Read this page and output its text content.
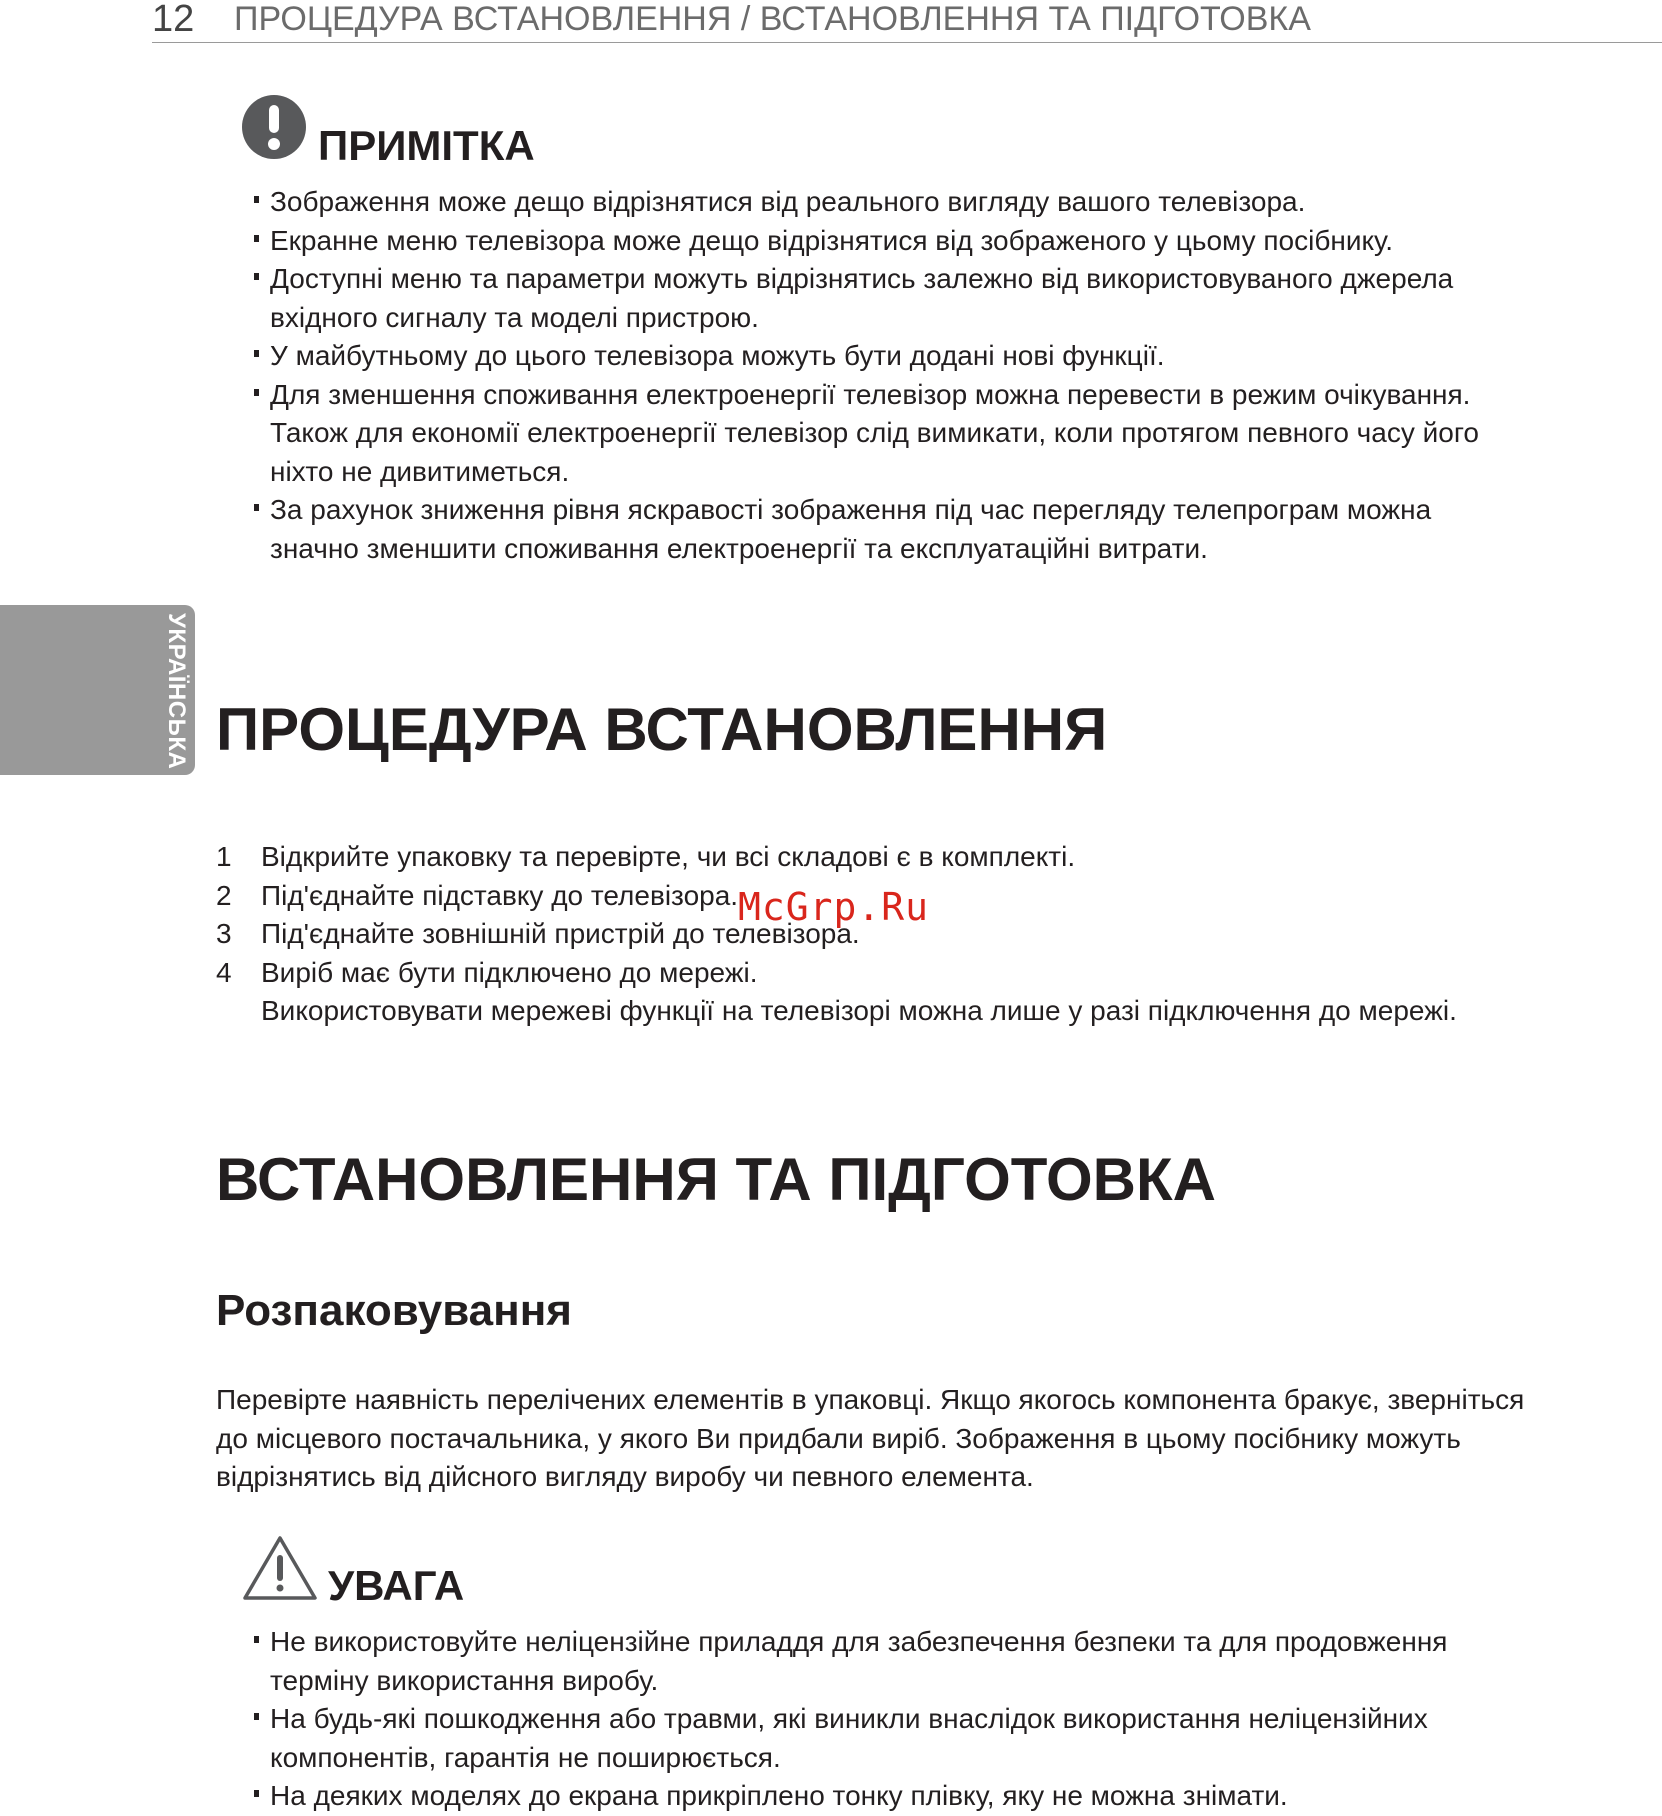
12 ПРОЦЕДУРА ВСТАНОВЛЕННЯ / ВСТАНОВЛЕННЯ ТА ПІДГОТОВКА
УКРАЇНСЬКА
ПРИМІТКА
Зображення може дещо відрізнятися від реального вигляду вашого телевізора.
Екранне меню телевізора може дещо відрізнятися від зображеного у цьому посібнику.
Доступні меню та параметри можуть відрізнятись залежно від використовуваного джерела
вхідного сигналу та моделі пристрою.
У майбутньому до цього телевізора можуть бути додані нові функції.
Для зменшення споживання електроенергії телевізор можна перевести в режим очікування.
Також для економії електроенергії телевізор слід вимикати, коли протягом певного часу його
ніхто не дивитиметься.
За рахунок зниження рівня яскравості зображення під час перегляду телепрограм можна
значно зменшити споживання електроенергії та експлуатаційні витрати.
ПРОЦЕДУРА ВСТАНОВЛЕННЯ
1 Відкрийте упаковку та перевірте, чи всі складові є в комплекті.
2 Під'єднайте підставку до телевізора.
3 Під'єднайте зовнішній пристрій до телевізора.
4 Виріб має бути підключено до мережі.
Використовувати мережеві функції на телевізорі можна лише у разі підключення до мережі.
McGrp.Ru
ВСТАНОВЛЕННЯ ТА ПІДГОТОВКА
Розпаковування
Перевірте наявність перелічених елементів в упаковці. Якщо якогось компонента бракує, зверніться
до місцевого постачальника, у якого Ви придбали виріб. Зображення в цьому посібнику можуть
відрізнятись від дійсного вигляду виробу чи певного елемента.
УВАГА
Не використовуйте неліцензійне приладдя для забезпечення безпеки та для продовження
терміну використання виробу.
На будь-які пошкодження або травми, які виникли внаслідок використання неліцензійних
компонентів, гарантія не поширюється.
На деяких моделях до екрана прикріплено тонку плівку, яку не можна знімати.
